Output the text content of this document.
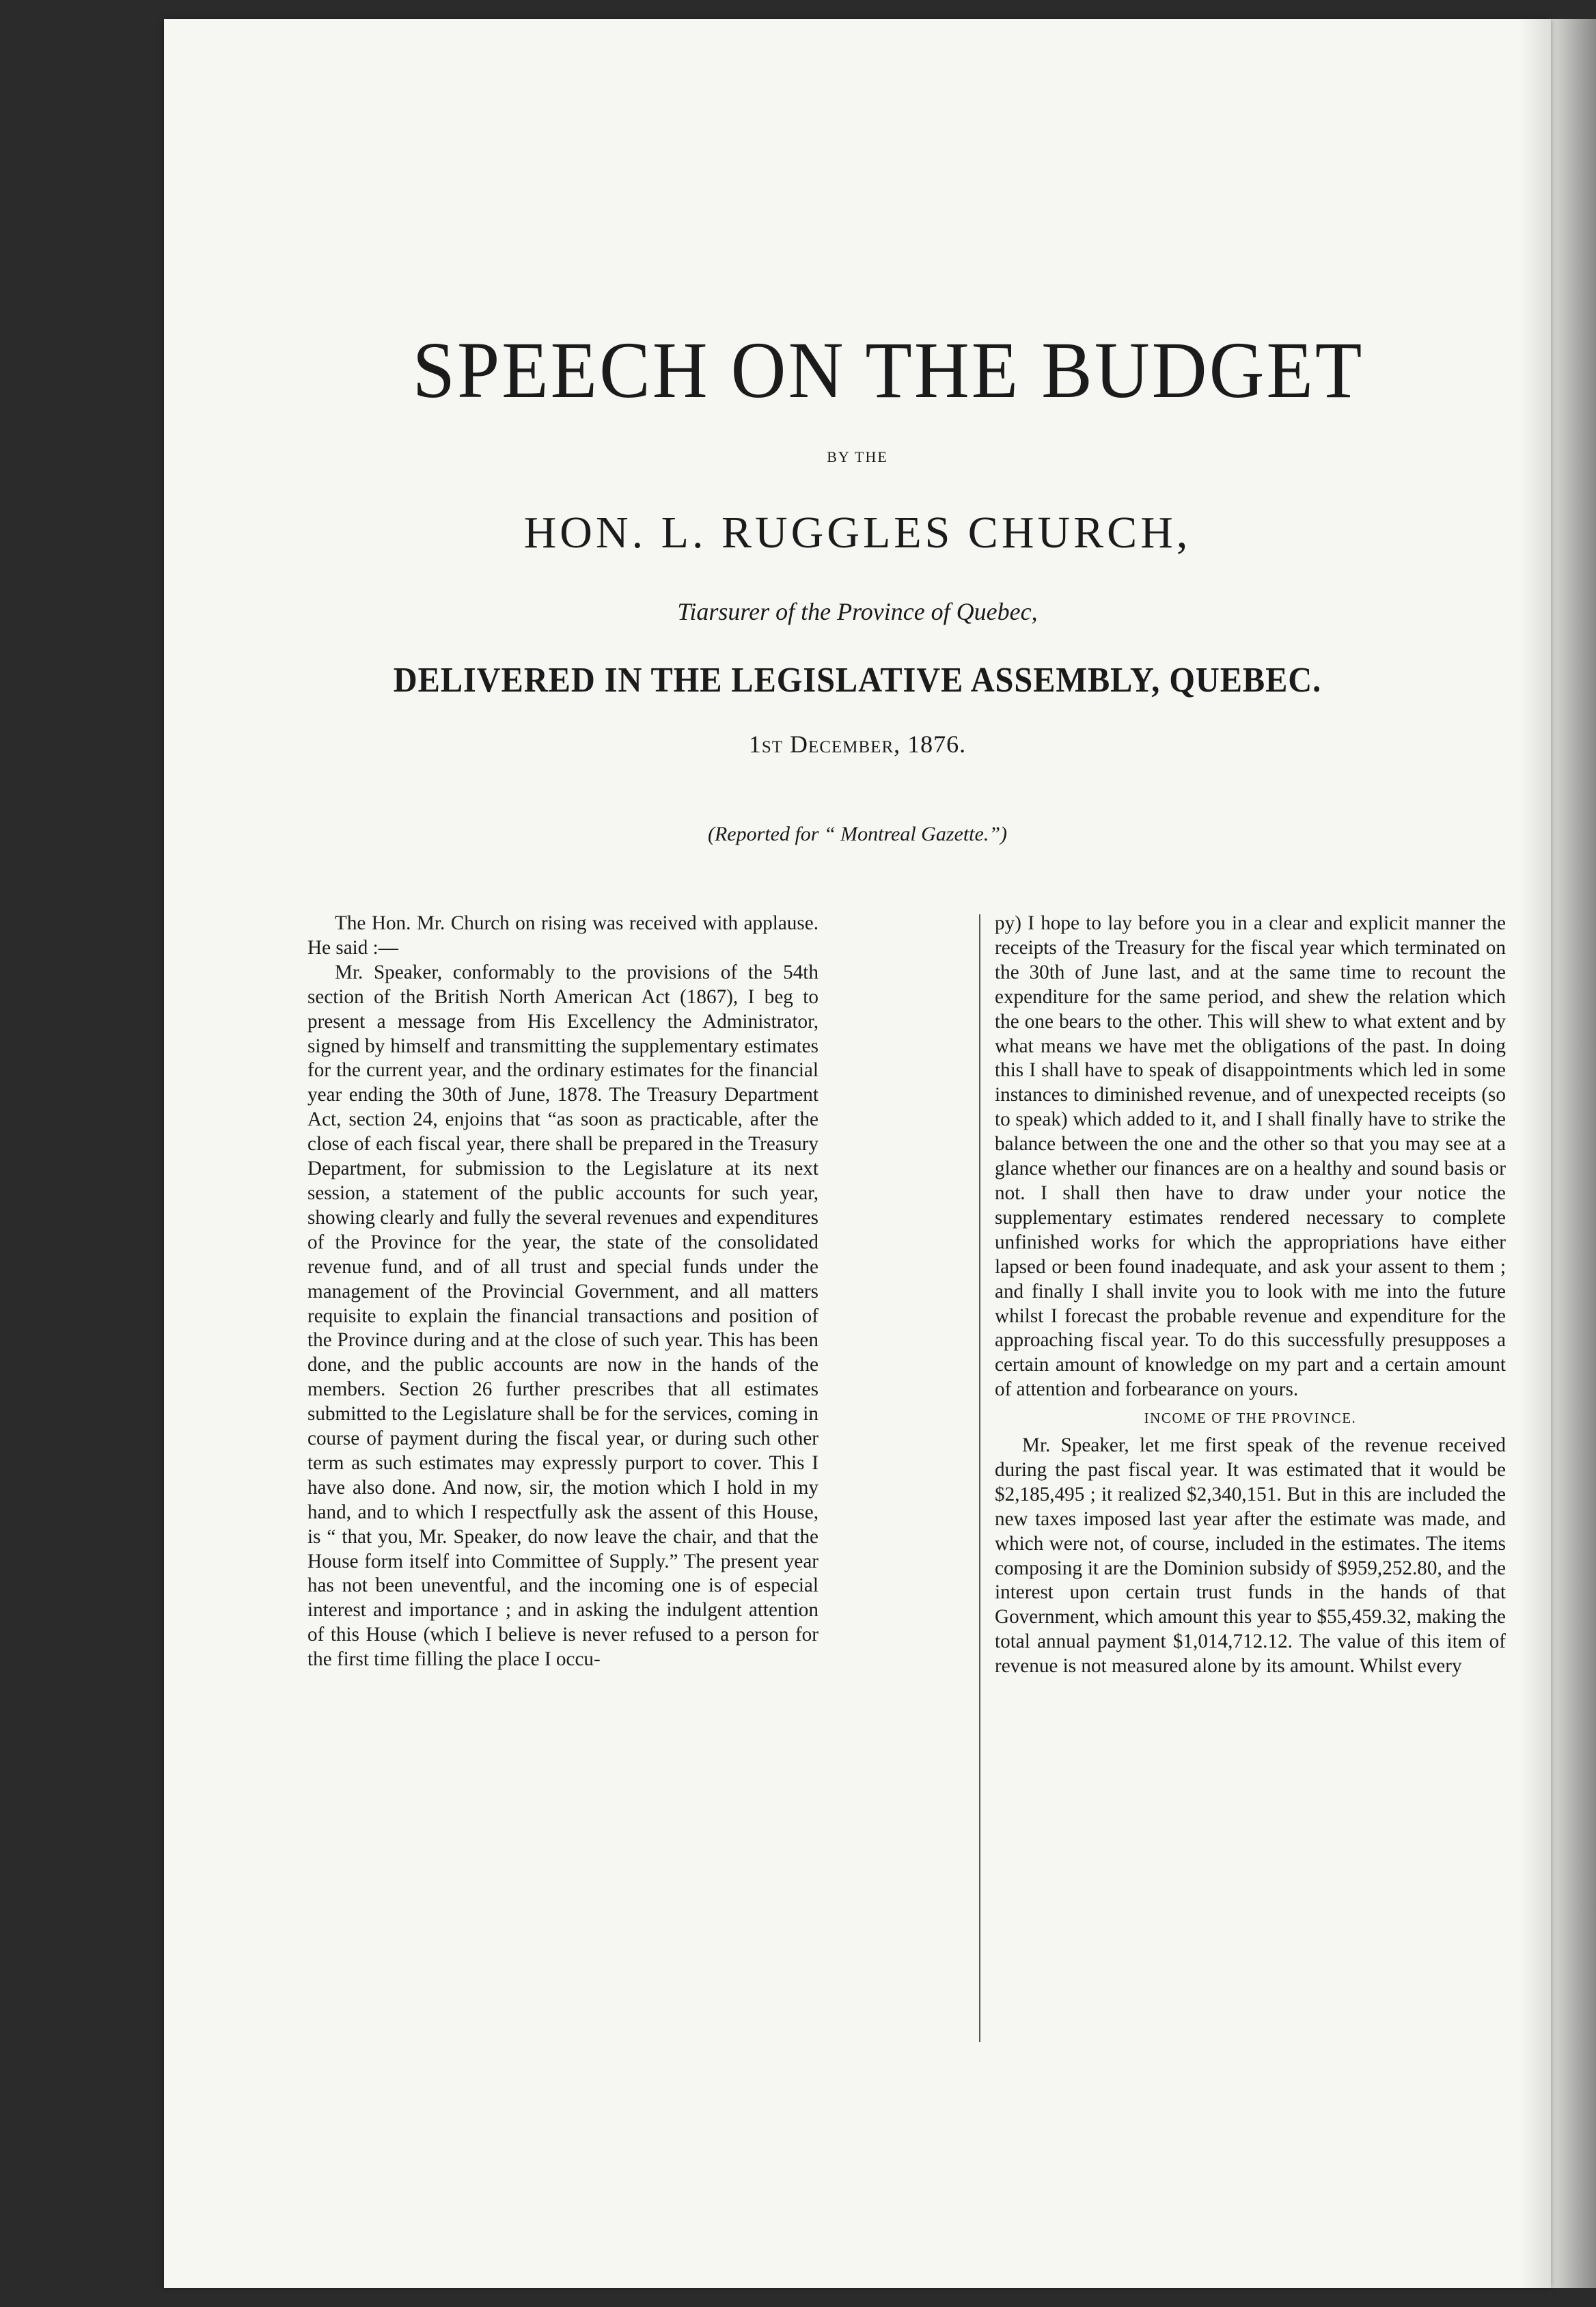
SPEECH ON THE BUDGET
BY THE
HON. L. RUGGLES CHURCH,
Tiarsurer of the Province of Quebec,
DELIVERED IN THE LEGISLATIVE ASSEMBLY, QUEBEC.
1st December, 1876.
(Reported for “ Montreal Gazette.”)

The Hon. Mr. Church on rising was received with applause. He said :—

Mr. Speaker, conformably to the provisions of the 54th section of the British North American Act (1867), I beg to present a message from His Excellency the Administrator, signed by himself and transmitting the supplementary estimates for the current year, and the ordinary estimates for the financial year ending the 30th of June, 1878. The Treasury Department Act, section 24, enjoins that “as soon as practicable, after the close of each fiscal year, there shall be prepared in the Treasury Department, for submission to the Legislature at its next session, a statement of the public accounts for such year, showing clearly and fully the several revenues and expenditures of the Province for the year, the state of the consolidated revenue fund, and of all trust and special funds under the management of the Provincial Government, and all matters requisite to explain the financial transactions and position of the Province during and at the close of such year. This has been done, and the public accounts are now in the hands of the members. Section 26 further prescribes that all estimates submitted to the Legislature shall be for the services, coming in course of payment during the fiscal year, or during such other term as such estimates may expressly purport to cover. This I have also done. And now, sir, the motion which I hold in my hand, and to which I respectfully ask the assent of this House, is “ that you, Mr. Speaker, do now leave the chair, and that the House form itself into Committee of Supply.” The present year has not been uneventful, and the incoming one is of especial interest and importance ; and in asking the indulgent attention of this House (which I believe is never refused to a person for the first time filling the place I occu-

py) I hope to lay before you in a clear and explicit manner the receipts of the Treasury for the fiscal year which terminated on the 30th of June last, and at the same time to recount the expenditure for the same period, and shew the relation which the one bears to the other. This will shew to what extent and by what means we have met the obligations of the past. In doing this I shall have to speak of disappointments which led in some instances to diminished revenue, and of unexpected receipts (so to speak) which added to it, and I shall finally have to strike the balance between the one and the other so that you may see at a glance whether our finances are on a healthy and sound basis or not. I shall then have to draw under your notice the supplementary estimates rendered necessary to complete unfinished works for which the appropriations have either lapsed or been found inadequate, and ask your assent to them ; and finally I shall invite you to look with me into the future whilst I forecast the probable revenue and expenditure for the approaching fiscal year. To do this successfully presupposes a certain amount of knowledge on my part and a certain amount of attention and forbearance on yours.

INCOME OF THE PROVINCE.

Mr. Speaker, let me first speak of the revenue received during the past fiscal year. It was estimated that it would be $2,185,495 ; it realized $2,340,151. But in this are included the new taxes imposed last year after the estimate was made, and which were not, of course, included in the estimates. The items composing it are the Dominion subsidy of $959,252.80, and the interest upon certain trust funds in the hands of that Government, which amount this year to $55,459.32, making the total annual payment $1,014,712.12. The value of this item of revenue is not measured alone by its amount. Whilst every
